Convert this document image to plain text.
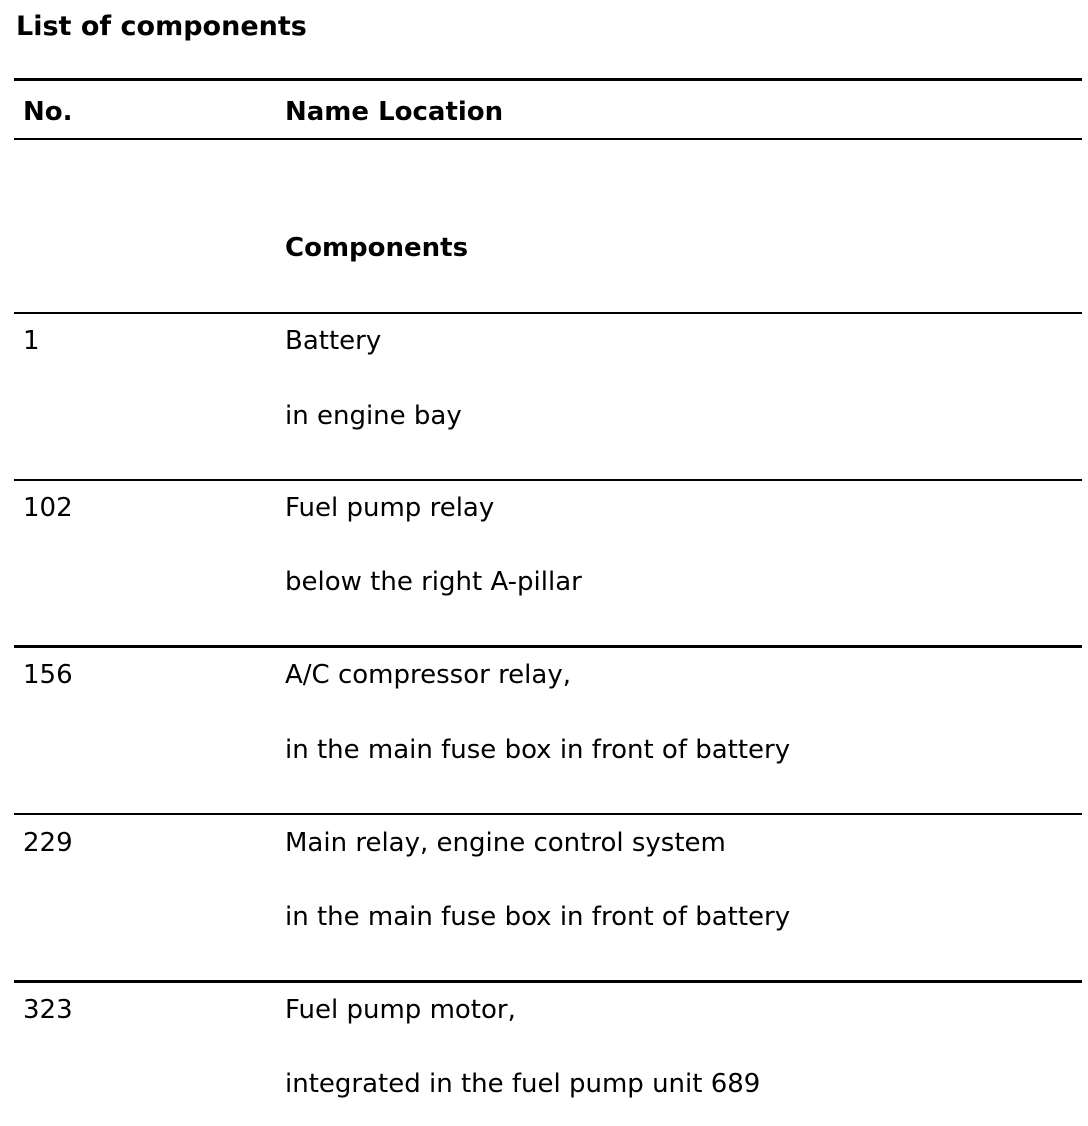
List of components
No.	Name Location
Components
1	Battery
in engine bay
102	Fuel pump relay
below the right A-pillar
156	A/C compressor relay,
in the main fuse box in front of battery
229	Main relay, engine control system
in the main fuse box in front of battery
323	Fuel pump motor,
integrated in the fuel pump unit 689
